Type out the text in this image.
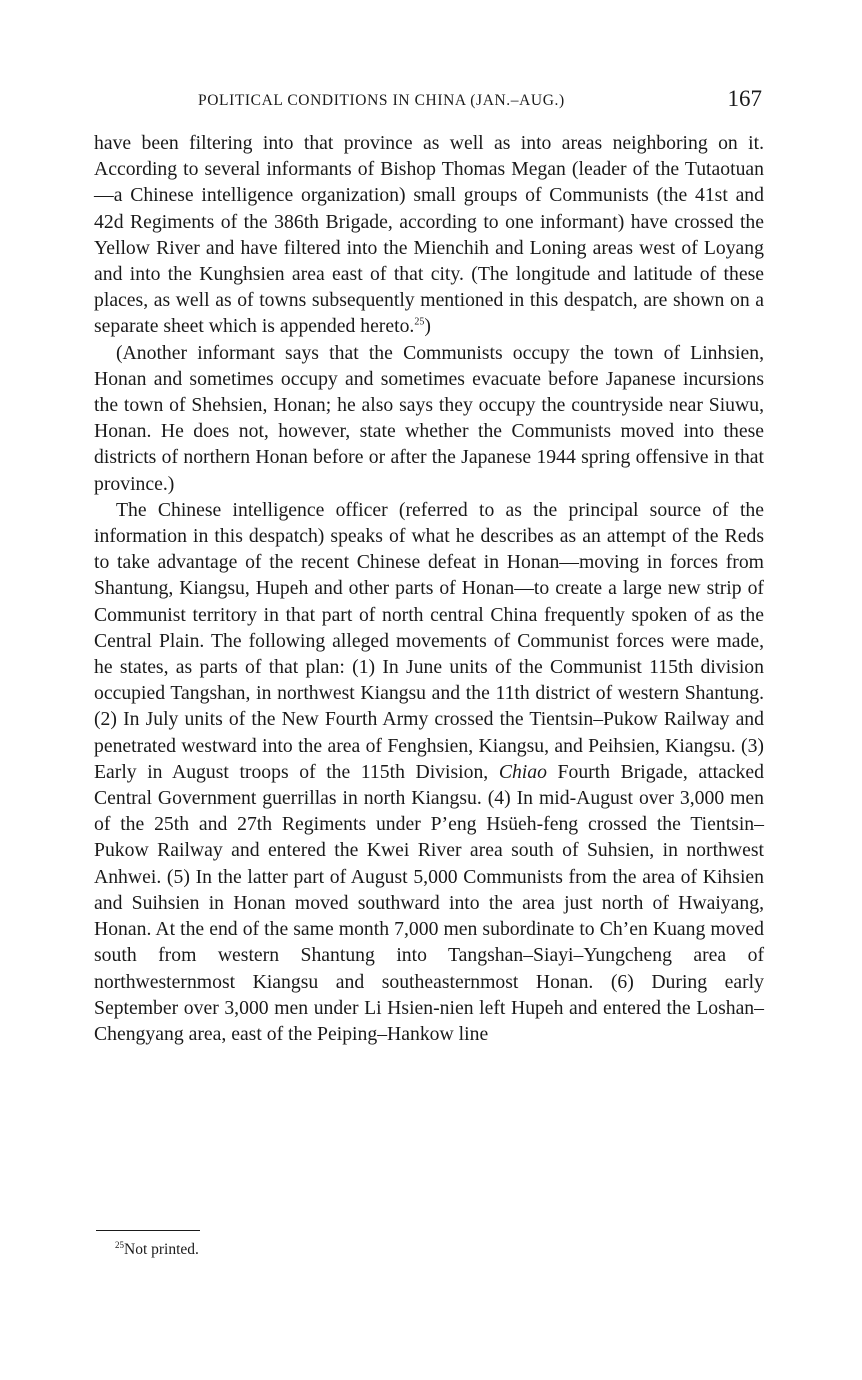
POLITICAL CONDITIONS IN CHINA (JAN.–AUG.)	167

have been filtering into that province as well as into areas neighboring on it. According to several informants of Bishop Thomas Megan (leader of the Tutaotuan—a Chinese intelligence organization) small groups of Communists (the 41st and 42d Regiments of the 386th Brigade, according to one informant) have crossed the Yellow River and have filtered into the Mienchih and Loning areas west of Loyang and into the Kunghsien area east of that city. (The longitude and latitude of these places, as well as of towns subsequently mentioned in this despatch, are shown on a separate sheet which is appended hereto.$^{25}$)

(Another informant says that the Communists occupy the town of Linhsien, Honan and sometimes occupy and sometimes evacuate before Japanese incursions the town of Shehsien, Honan; he also says they occupy the countryside near Siuwu, Honan. He does not, however, state whether the Communists moved into these districts of northern Honan before or after the Japanese 1944 spring offensive in that province.)

The Chinese intelligence officer (referred to as the principal source of the information in this despatch) speaks of what he describes as an attempt of the Reds to take advantage of the recent Chinese defeat in Honan—moving in forces from Shantung, Kiangsu, Hupeh and other parts of Honan—to create a large new strip of Communist territory in that part of north central China frequently spoken of as the Central Plain. The following alleged movements of Communist forces were made, he states, as parts of that plan: (1) In June units of the Communist 115th division occupied Tangshan, in northwest Kiangsu and the 11th district of western Shantung. (2) In July units of the New Fourth Army crossed the Tientsin–Pukow Railway and penetrated westward into the area of Fenghsien, Kiangsu, and Peihsien, Kiangsu. (3) Early in August troops of the 115th Division, Chiao Fourth Brigade, attacked Central Government guerrillas in north Kiangsu. (4) In mid-August over 3,000 men of the 25th and 27th Regiments under P’eng Hsüeh-feng crossed the Tientsin–Pukow Railway and entered the Kwei River area south of Suhsien, in northwest Anhwei. (5) In the latter part of August 5,000 Communists from the area of Kihsien and Suihsien in Honan moved southward into the area just north of Hwaiyang, Honan. At the end of the same month 7,000 men subordinate to Ch’en Kuang moved south from western Shantung into Tangshan–Siayi–Yungcheng area of northwesternmost Kiangsu and southeasternmost Honan. (6) During early September over 3,000 men under Li Hsien-nien left Hupeh and entered the Loshan–Chengyang area, east of the Peiping–Hankow line

$^{25}$Not printed.
